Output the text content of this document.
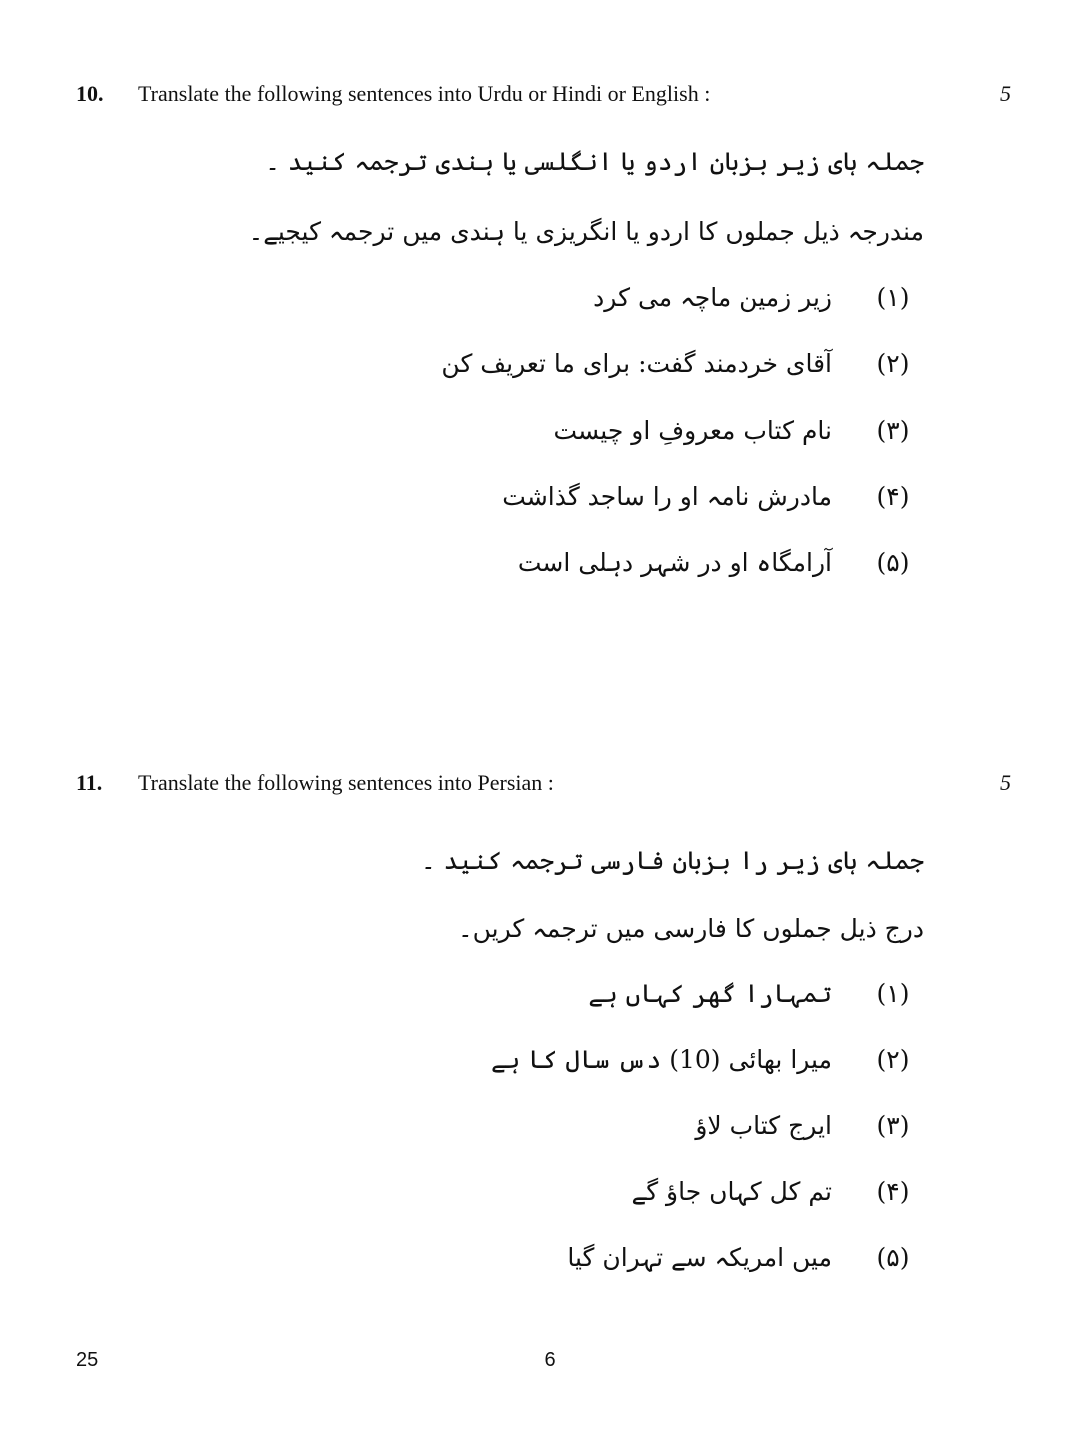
10.	Translate the following sentences into Urdu or Hindi or English :	5
جملہ ہای زیر بزبان اردو یا انگلسی یا ہندی ترجمہ کنید ۔
مندرجہ ذیل جملوں کا اردو یا انگریزی یا ہندی میں ترجمہ کیجیے۔
(۱)
زیر زمین ماچہ می کرد
(۲)
آقای خردمند گفت: برای ما تعریف کن
(۳)
نام کتاب معروفِ او چیست
(۴)
مادرش نامہ او را ساجد گذاشت
(۵)
آرامگاہ او در شہر دہلی است
11.	Translate the following sentences into Persian :	5
جملہ ہای زیر را بزبان فارسی ترجمہ کنید ۔
درج ذیل جملوں کا فارسی میں ترجمہ کریں۔
(۱)
تمہارا گھر کہاں ہے
(۲)
میرا بھائی (10) دس سال کا ہے
(۳)
ایرج کتاب لاؤ
(۴)
تم کل کہاں جاؤ گے
(۵)
میں امریکہ سے تہران گیا
25	6
